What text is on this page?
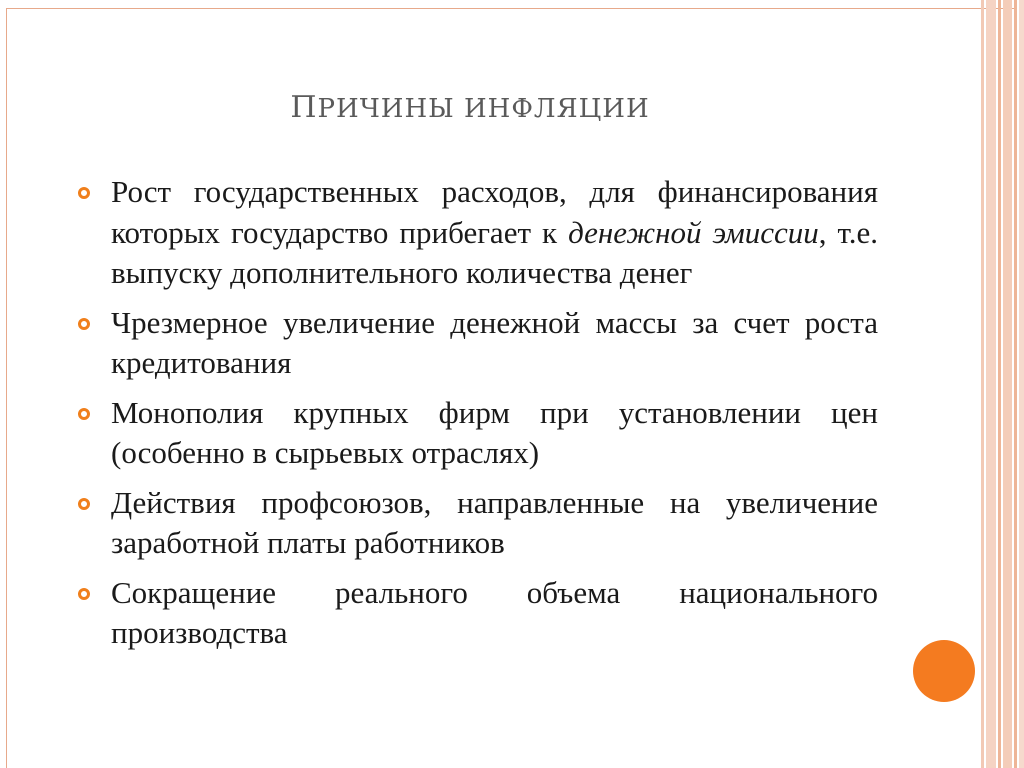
ПРИЧИНЫ ИНФЛЯЦИИ
Рост государственных расходов, для финансирования которых государство прибегает к денежной эмиссии, т.е. выпуску дополнительного количества денег
Чрезмерное увеличение денежной массы за счет роста кредитования
Монополия крупных фирм при установлении цен (особенно в сырьевых отраслях)
Действия профсоюзов, направленные на увеличение заработной платы работников
Сокращение реального объема национального производства
